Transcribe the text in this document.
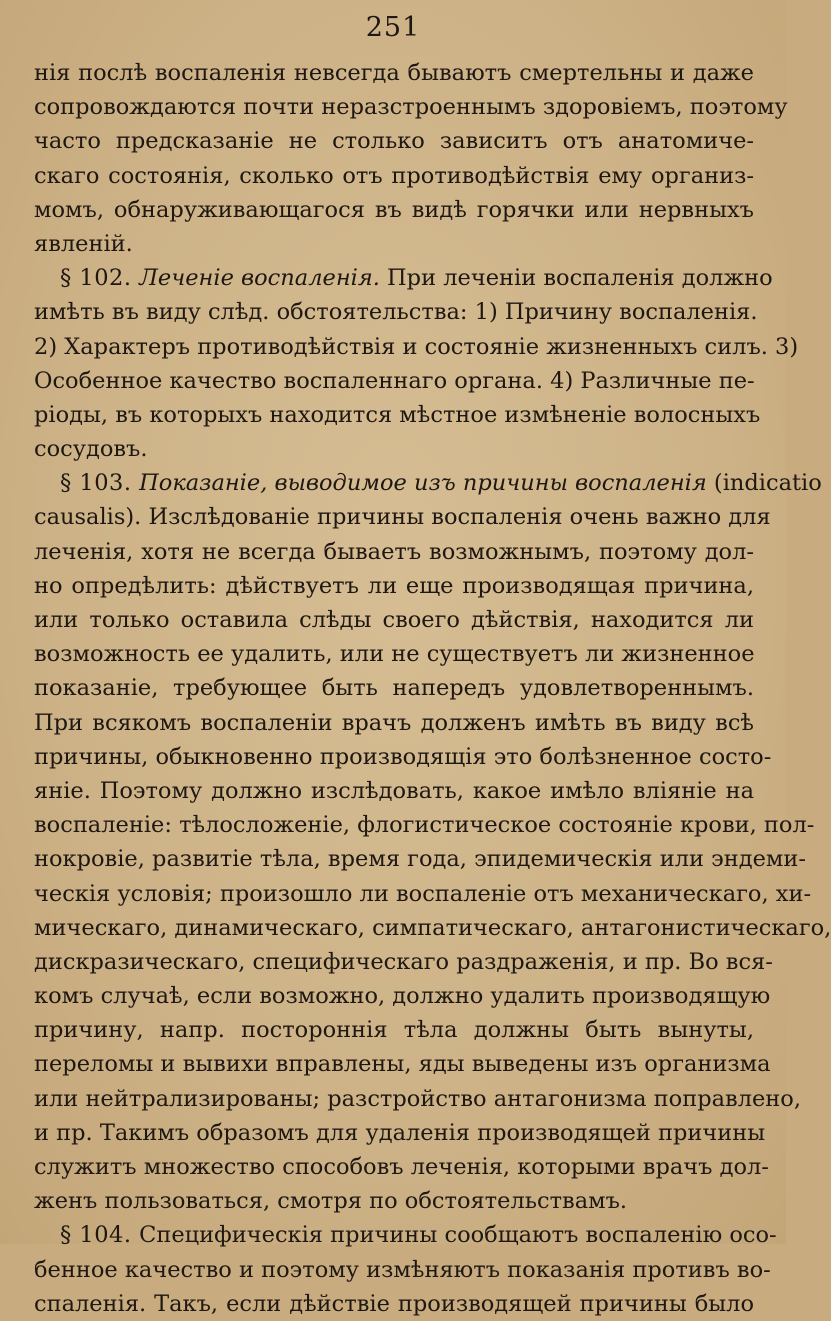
251
нія послѣ воспаленія невсегда бываютъ смертельны и даже
сопровождаются почти неразстроеннымъ здоровіемъ, поэтому
часто предсказаніе не столько зависитъ отъ анатомиче-
скаго состоянія, сколько отъ противодѣйствія ему организ-
момъ, обнаруживающагося въ видѣ горячки или нервныхъ
явленій.
§ 102. Леченіе воспаленія. При леченіи воспаленія должно
имѣть въ виду слѣд. обстоятельства: 1) Причину воспаленія.
2) Характеръ противодѣйствія и состояніе жизненныхъ силъ. 3)
Особенное качество воспаленнаго органа. 4) Различные пе-
ріоды, въ которыхъ находится мѣстное измѣненіе волосныхъ
сосудовъ.
§ 103. Показаніе, выводимое изъ причины воспаленія (indicatio
causalis). Изслѣдованіе причины воспаленія очень важно для
леченія, хотя не всегда бываетъ возможнымъ, поэтому дол-
но опредѣлить: дѣйствуетъ ли еще производящая причина,
или только оставила слѣды своего дѣйствія, находится ли
возможность ее удалить, или не существуетъ ли жизненное
показаніе, требующее быть напередъ удовлетвореннымъ.
При всякомъ воспаленіи врачъ долженъ имѣть въ виду всѣ
причины, обыкновенно производящія это болѣзненное состо-
яніе. Поэтому должно изслѣдовать, какое имѣло вліяніе на
воспаленіе: тѣлосложеніе, флогистическое состояніе крови, пол-
нокровіе, развитіе тѣла, время года, эпидемическія или эндеми-
ческія условія; произошло ли воспаленіе отъ механическаго, хи-
мическаго, динамическаго, симпатическаго, антагонистическаго,
дискразическаго, специфическаго раздраженія, и пр. Во вся-
комъ случаѣ, если возможно, должно удалить производящую
причину, напр. постороннія тѣла должны быть вынуты,
переломы и вывихи вправлены, яды выведены изъ организма
или нейтрализированы; разстройство антагонизма поправлено,
и пр. Такимъ образомъ для удаленія производящей причины
служитъ множество способовъ леченія, которыми врачъ дол-
женъ пользоваться, смотря по обстоятельствамъ.
§ 104. Специфическія причины сообщаютъ воспаленію осо-
бенное качество и поэтому измѣняютъ показанія противъ во-
спаленія. Такъ, если дѣйствіе производящей причины было
